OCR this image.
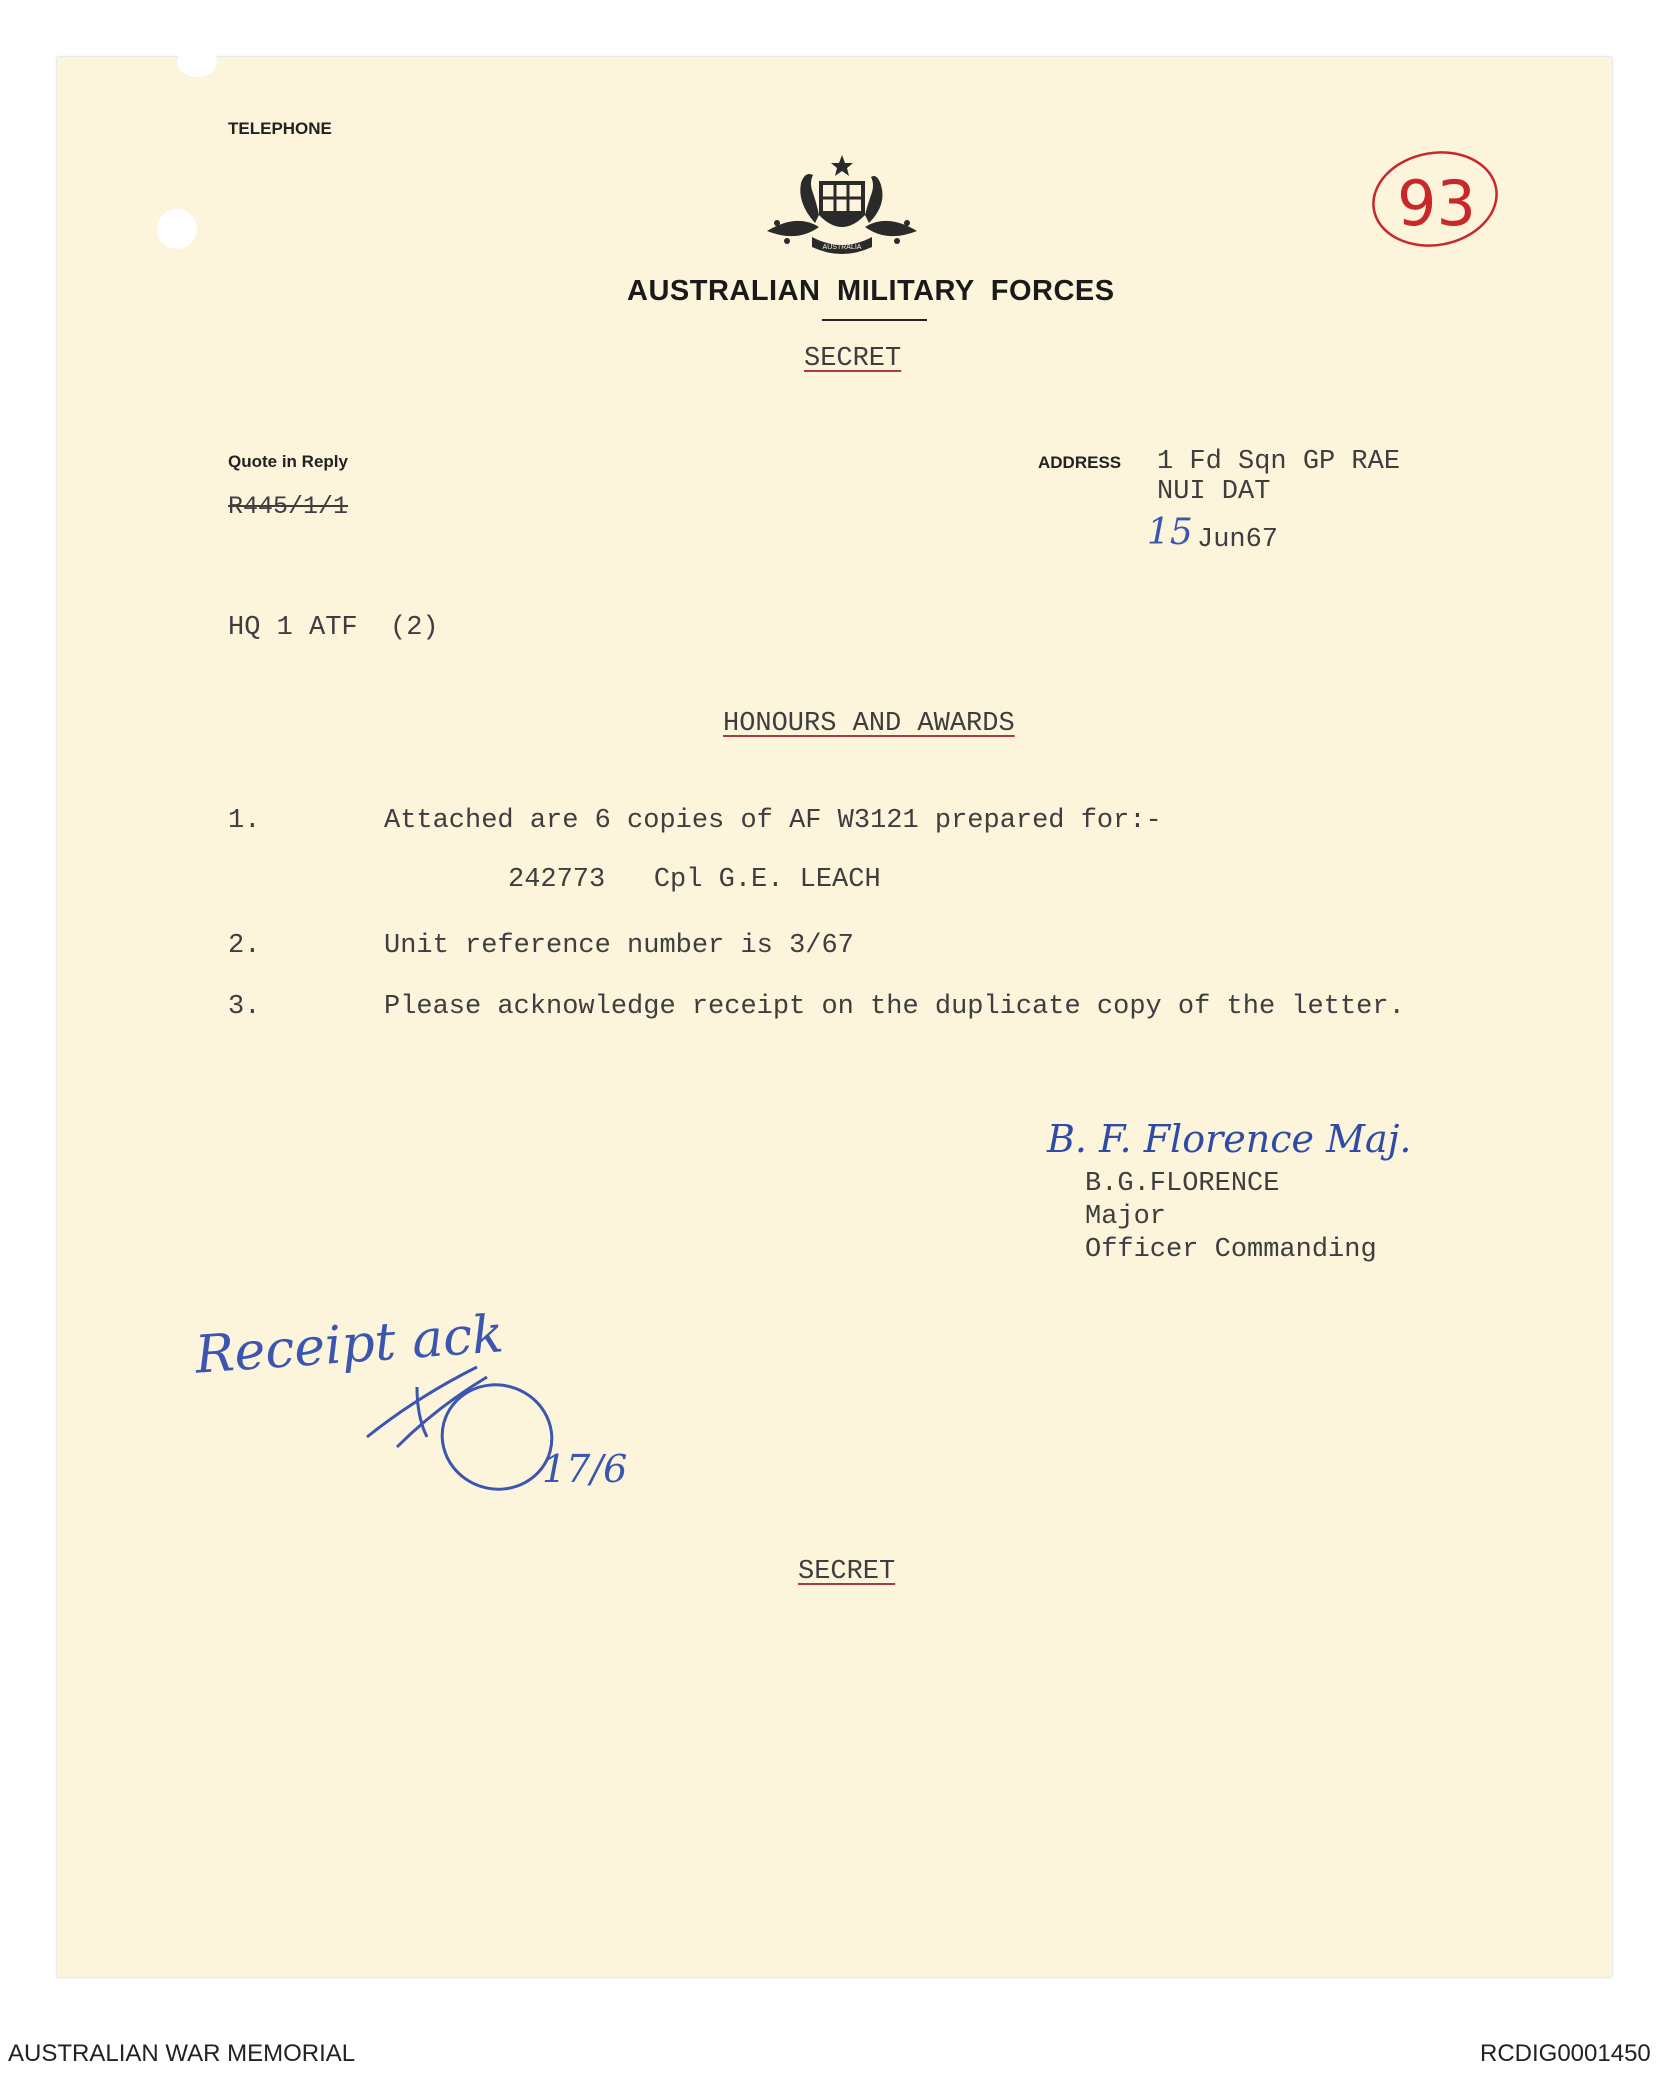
TELEPHONE
AUSTRALIA
AUSTRALIAN MILITARY FORCES
SECRET
93
Quote in Reply
R445/1/1
ADDRESS 1 Fd Sqn GP RAE
NUI DAT
15 Jun67
HQ 1 ATF  (2)
HONOURS AND AWARDS
1.	Attached are 6 copies of AF W3121 prepared for:-
242773   Cpl G.E. LEACH
2.	Unit reference number is 3/67
3.	Please acknowledge receipt on the duplicate copy of the letter.
B. F. Florence Maj.
B.G.FLORENCE
Major
Officer Commanding
Receipt ack
17/6
SECRET
AUSTRALIAN WAR MEMORIAL	RCDIG0001450
